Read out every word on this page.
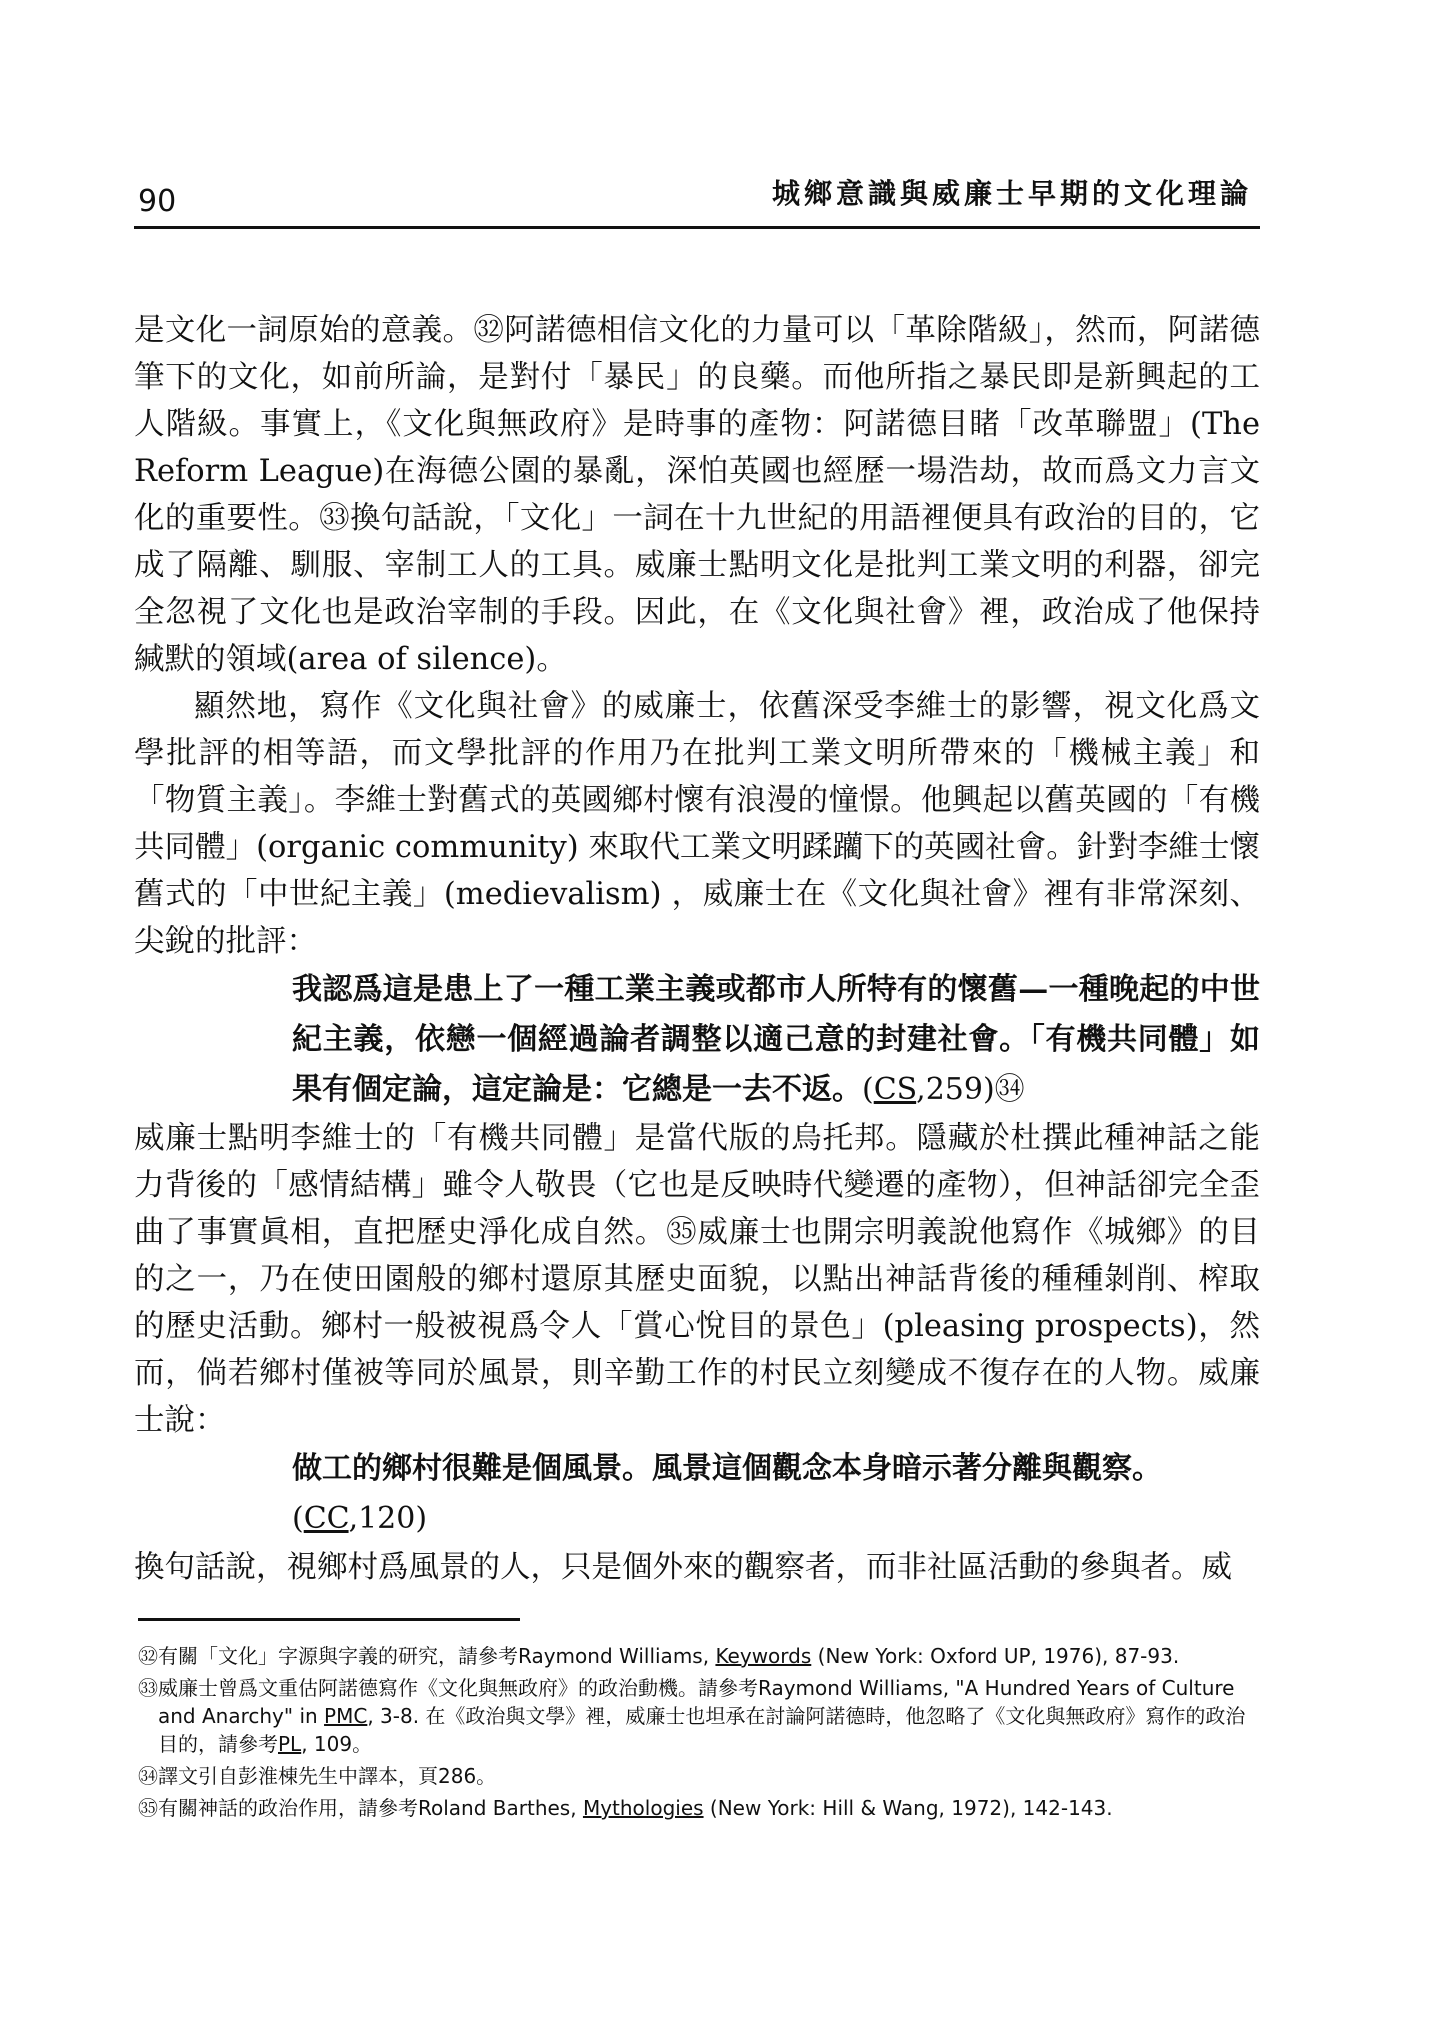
90	城鄉意識與威廉士早期的文化理論

是文化一詞原始的意義。㉜阿諾德相信文化的力量可以「革除階級」，然而，阿諾德筆下的文化，如前所論，是對付「暴民」的良藥。而他所指之暴民即是新興起的工人階級。事實上，《文化與無政府》是時事的產物：阿諾德目睹「改革聯盟」(The Reform League)在海德公園的暴亂，深怕英國也經歷一場浩劫，故而爲文力言文化的重要性。㉝換句話說，「文化」一詞在十九世紀的用語裡便具有政治的目的，它成了隔離、馴服、宰制工人的工具。威廉士點明文化是批判工業文明的利器，卻完全忽視了文化也是政治宰制的手段。因此，在《文化與社會》裡，政治成了他保持緘默的領域(area of silence)。

顯然地，寫作《文化與社會》的威廉士，依舊深受李維士的影響，視文化爲文學批評的相等語，而文學批評的作用乃在批判工業文明所帶來的「機械主義」和「物質主義」。李維士對舊式的英國鄉村懷有浪漫的憧憬。他興起以舊英國的「有機共同體」(organic community) 來取代工業文明蹂躪下的英國社會。針對李維士懷舊式的「中世紀主義」(medievalism) ，威廉士在《文化與社會》裡有非常深刻、尖銳的批評：

我認爲這是患上了一種工業主義或都市人所特有的懷舊—一種晚起的中世紀主義，依戀一個經過論者調整以適己意的封建社會。「有機共同體」如果有個定論，這定論是：它總是一去不返。(CS,259)㉞

威廉士點明李維士的「有機共同體」是當代版的烏托邦。隱藏於杜撰此種神話之能力背後的「感情結構」雖令人敬畏（它也是反映時代變遷的產物），但神話卻完全歪曲了事實眞相，直把歷史淨化成自然。㉟威廉士也開宗明義說他寫作《城鄉》的目的之一，乃在使田園般的鄉村還原其歷史面貌，以點出神話背後的種種剝削、榨取的歷史活動。鄉村一般被視爲令人「賞心悅目的景色」(pleasing prospects)，然而，倘若鄉村僅被等同於風景，則辛勤工作的村民立刻變成不復存在的人物。威廉士說：

做工的鄉村很難是個風景。風景這個觀念本身暗示著分離與觀察。
(CC,120)

換句話說，視鄉村爲風景的人，只是個外來的觀察者，而非社區活動的參與者。威

㉜有關「文化」字源與字義的研究，請參考Raymond Williams, Keywords (New York: Oxford UP, 1976), 87-93.

㉝威廉士曾爲文重估阿諾德寫作《文化與無政府》的政治動機。請參考Raymond Williams, "A Hundred Years of Culture and Anarchy" in PMC, 3-8. 在《政治與文學》裡，威廉士也坦承在討論阿諾德時，他忽略了《文化與無政府》寫作的政治目的，請參考PL, 109。

㉞譯文引自彭淮棟先生中譯本，頁286。

㉟有關神話的政治作用，請參考Roland Barthes, Mythologies (New York: Hill & Wang, 1972), 142-143.
